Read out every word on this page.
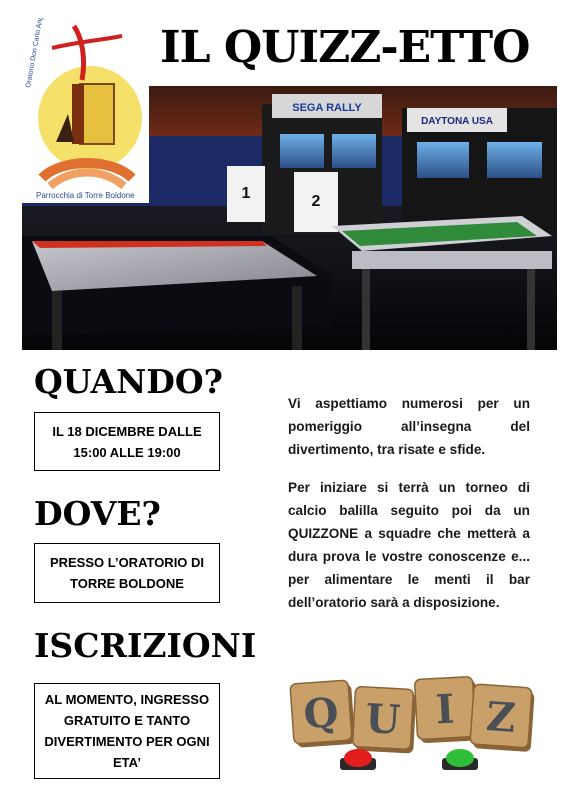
IL QUIZZ-ETTO
SEGA RALLY
DAYTONA USA
1	2
Oratorio Don Carlo Angeloni
Parrocchia di Torre Boldone
QUANDO?
IL 18 DICEMBRE DALLE
15:00 ALLE 19:00
DOVE?
PRESSO L’ORATORIO DI
TORRE BOLDONE
ISCRIZIONI
AL MOMENTO, INGRESSO
GRATUITO E TANTO
DIVERTIMENTO PER OGNI
ETA’
Vi aspettiamo numerosi per un pomeriggio all’insegna del divertimento, tra risate e sfide.
Per iniziare si terrà un torneo di calcio balilla seguito poi da un QUIZZONE a squadre che metterà a dura prova le vostre conoscenze e... per alimentare le menti il bar dell’oratorio sarà a disposizione.
Q U I Z
